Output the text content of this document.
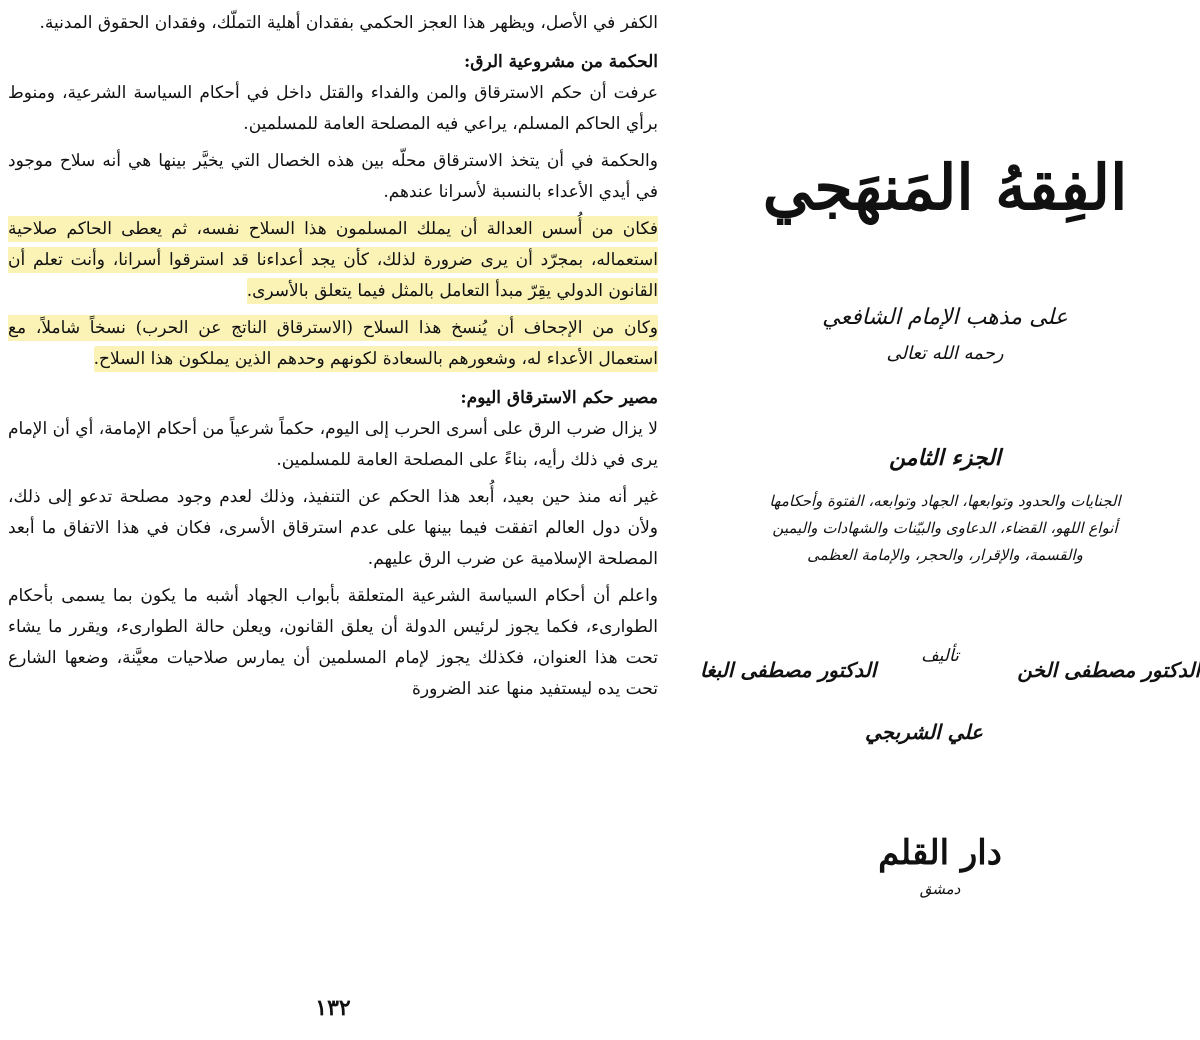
الكفر في الأصل، ويظهر هذا العجز الحكمي بفقدان أهلية التملّك، وفقدان الحقوق المدنية.

الحكمة من مشروعية الرق:

عرفت أن حكم الاسترقاق والمن والفداء والقتل داخل في أحكام السياسة الشرعية، ومنوط برأي الحاكم المسلم، يراعي فيه المصلحة العامة للمسلمين.

والحكمة في أن يتخذ الاسترقاق محلّه بين هذه الخصال التي يخيَّر بينها هي أنه سلاح موجود في أيدي الأعداء بالنسبة لأسرانا عندهم.

فكان من أُسس العدالة أن يملك المسلمون هذا السلاح نفسه، ثم يعطى الحاكم صلاحية استعماله، بمجرّد أن يرى ضرورة لذلك، كأن يجد أعداءنا قد استرقوا أسرانا، وأنت تعلم أن القانون الدولي يقِرّ مبدأ التعامل بالمثل فيما يتعلق بالأسرى.

وكان من الإجحاف أن يُنسخ هذا السلاح (الاسترقاق الناتج عن الحرب) نسخاً شاملاً، مع استعمال الأعداء له، وشعورهم بالسعادة لكونهم وحدهم الذين يملكون هذا السلاح.

مصير حكم الاسترقاق اليوم:

لا يزال ضرب الرق على أسرى الحرب إلى اليوم، حكماً شرعياً من أحكام الإمامة، أي أن الإمام يرى في ذلك رأيه، بناءً على المصلحة العامة للمسلمين.

غير أنه منذ حين بعيد، أُبعد هذا الحكم عن التنفيذ، وذلك لعدم وجود مصلحة تدعو إلى ذلك، ولأن دول العالم اتفقت فيما بينها على عدم استرقاق الأسرى، فكان في هذا الاتفاق ما أبعد المصلحة الإسلامية عن ضرب الرق عليهم.

واعلم أن أحكام السياسة الشرعية المتعلقة بأبواب الجهاد أشبه ما يكون بما يسمى بأحكام الطوارىء، فكما يجوز لرئيس الدولة أن يعلق القانون، ويعلن حالة الطوارىء، ويقرر ما يشاء تحت هذا العنوان، فكذلك يجوز لإمام المسلمين أن يمارس صلاحيات معيَّنة، وضعها الشارع تحت يده ليستفيد منها عند الضرورة

١٣٢
الفِقهُ المَنهَجي
على مذهب الإمام الشافعي
رحمه الله تعالى
الجزء الثامن
الجنايات والحدود وتوابعها، الجهاد وتوابعه، الفتوة وأحكامها
أنواع اللهو، القضاء، الدعاوى والبيّنات والشهادات واليمين
والقسمة، والإقرار، والحجر، والإمامة العظمى
تأليف
الدكتور مصطفى الخن
الدكتور مصطفى البغا
علي الشربجي
دار القلم
دمشق
